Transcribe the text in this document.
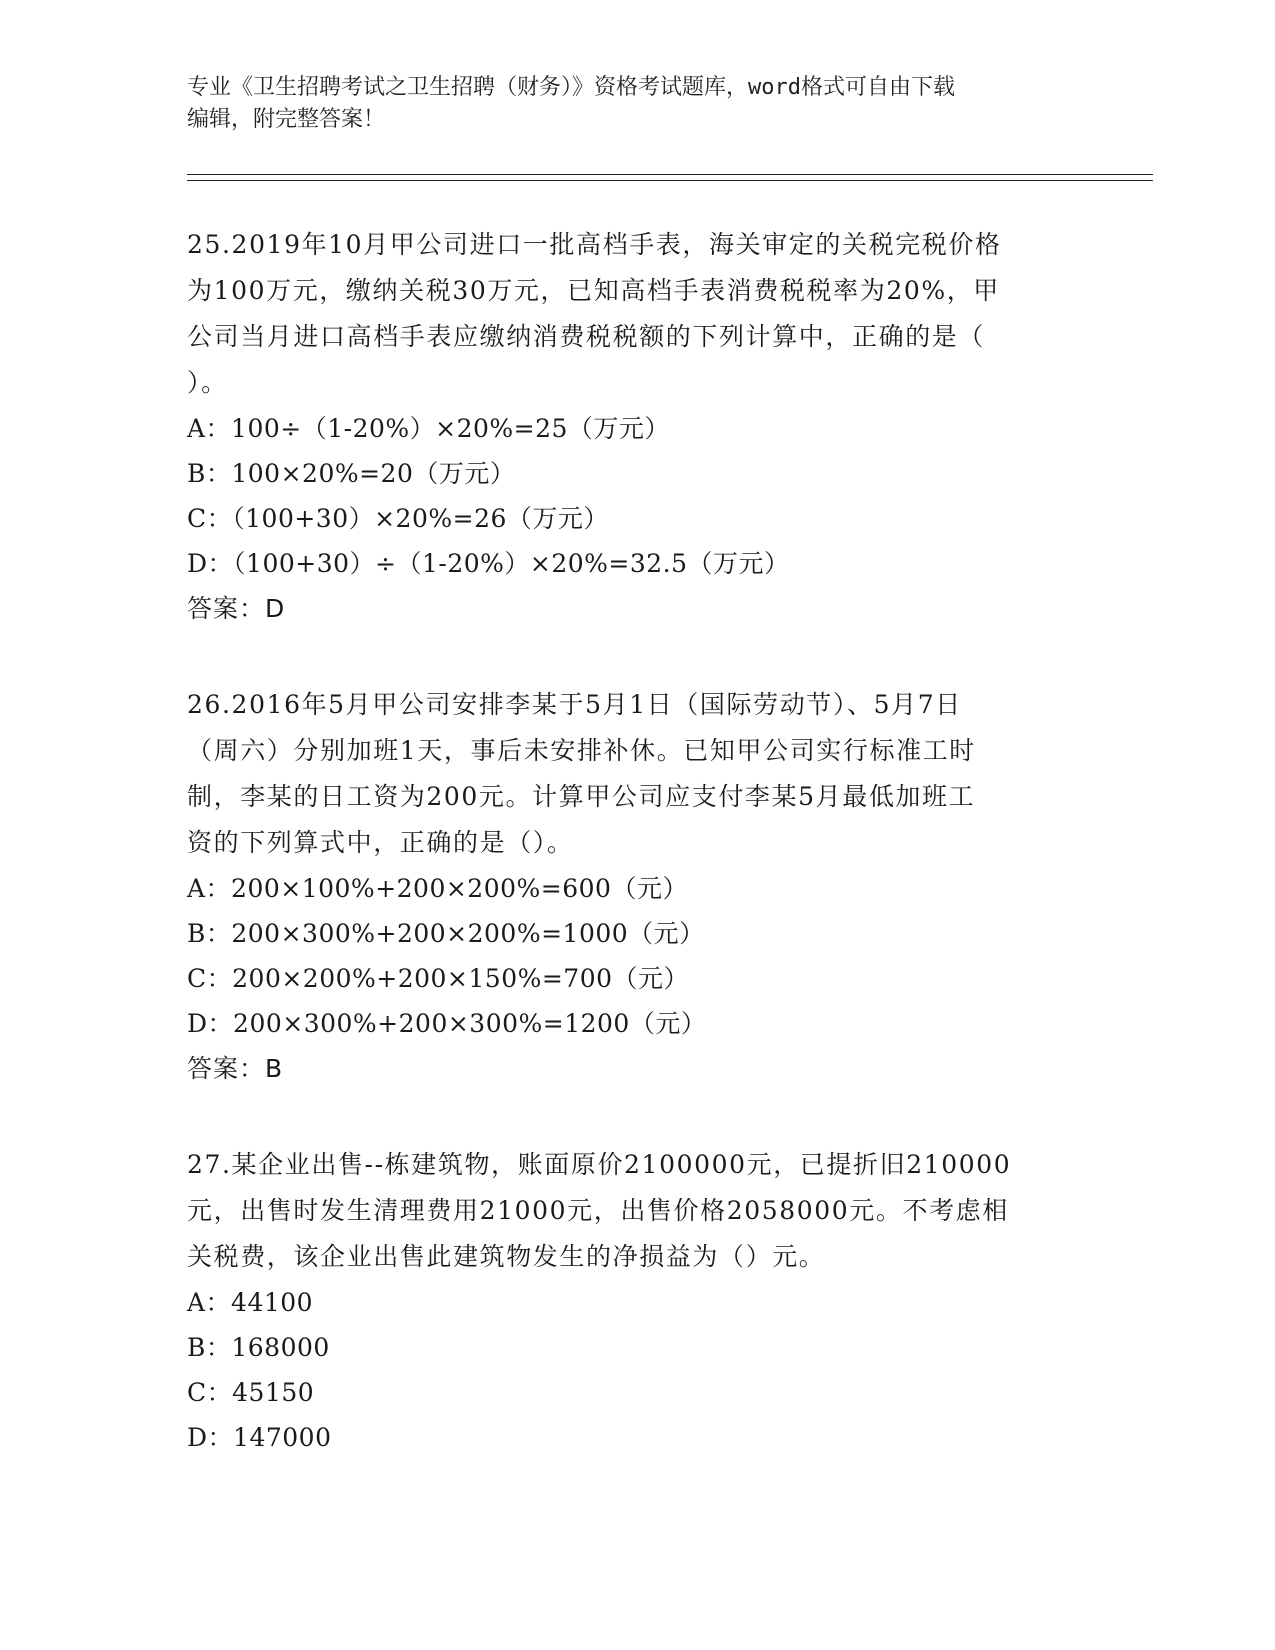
专业《卫生招聘考试之卫生招聘（财务）》资格考试题库，word格式可自由下载
编辑，附完整答案！
25.2019年10月甲公司进口一批高档手表，海关审定的关税完税价格
为100万元，缴纳关税30万元，已知高档手表消费税税率为20%，甲
公司当月进口高档手表应缴纳消费税税额的下列计算中，正确的是（
）。
A：100÷（1-20%）×20%=25（万元）
B：100×20%=20（万元）
C：（100+30）×20%=26（万元）
D：（100+30）÷（1-20%）×20%=32.5（万元）
答案：D
26.2016年5月甲公司安排李某于5月1日（国际劳动节）、5月7日
（周六）分别加班1天，事后未安排补休。已知甲公司实行标准工时
制，李某的日工资为200元。计算甲公司应支付李某5月最低加班工
资的下列算式中，正确的是（）。
A：200×100%+200×200%=600（元）
B：200×300%+200×200%=1000（元）
C：200×200%+200×150%=700（元）
D：200×300%+200×300%=1200（元）
答案：B
27.某企业出售--栋建筑物，账面原价2100000元，已提折旧210000
元，出售时发生清理费用21000元，出售价格2058000元。不考虑相
关税费，该企业出售此建筑物发生的净损益为（）元。
A：44100
B：168000
C：45150
D：147000
